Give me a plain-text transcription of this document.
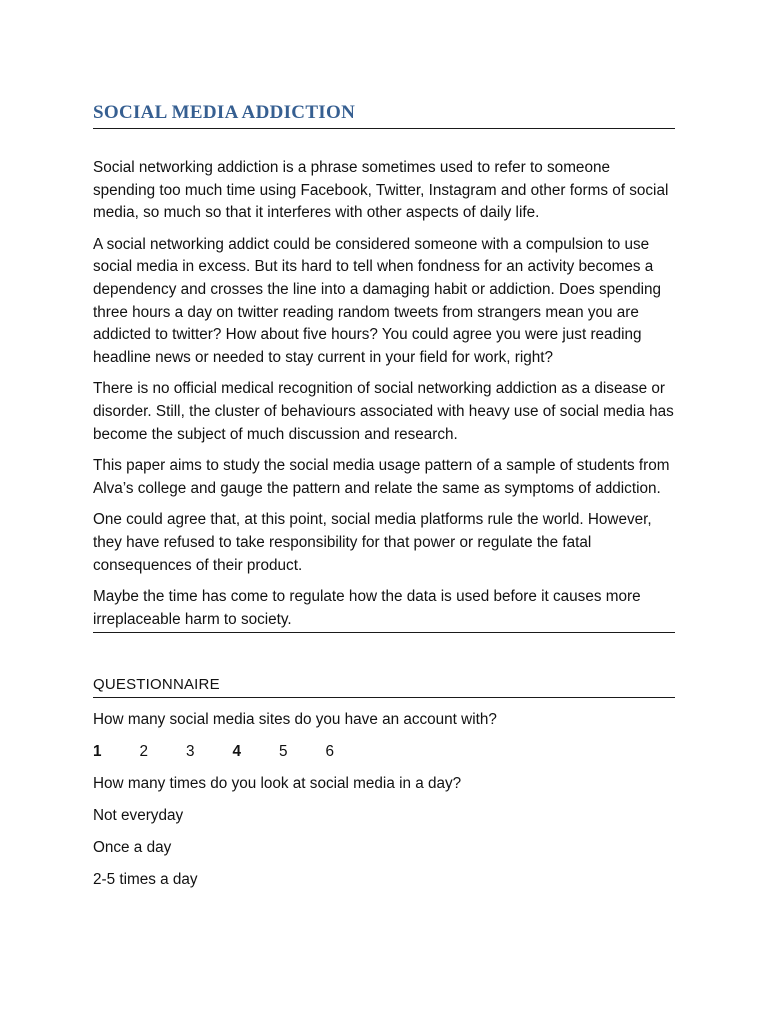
SOCIAL MEDIA ADDICTION

Social networking addiction is a phrase sometimes used to refer to someone spending too much time using Facebook, Twitter, Instagram and other forms of social media, so much so that it interferes with other aspects of daily life.

A social networking addict could be considered someone with a compulsion to use social media in excess. But its hard to tell when fondness for an activity becomes a dependency and crosses the line into a damaging habit or addiction. Does spending three hours a day on twitter reading random tweets from strangers mean you are addicted to twitter? How about five hours? You could agree you were just reading headline news or needed to stay current in your field for work, right?

There is no official medical recognition of social networking addiction as a disease or disorder. Still, the cluster of behaviours associated with heavy use of social media has become the subject of much discussion and research.

This paper aims to study the social media usage pattern of a sample of students from Alva’s college and gauge the pattern and relate the same as symptoms of addiction.

One could agree that, at this point, social media platforms rule the world. However, they have refused to take responsibility for that power or regulate the fatal consequences of their product.

Maybe the time has come to regulate how the data is used before it causes more irreplaceable harm to society.

QUESTIONNAIRE

How many social media sites do you have an account with?

1	2	3	4	5	6

How many times do you look at social media in a day?

Not everyday

Once a day

2-5 times a day
